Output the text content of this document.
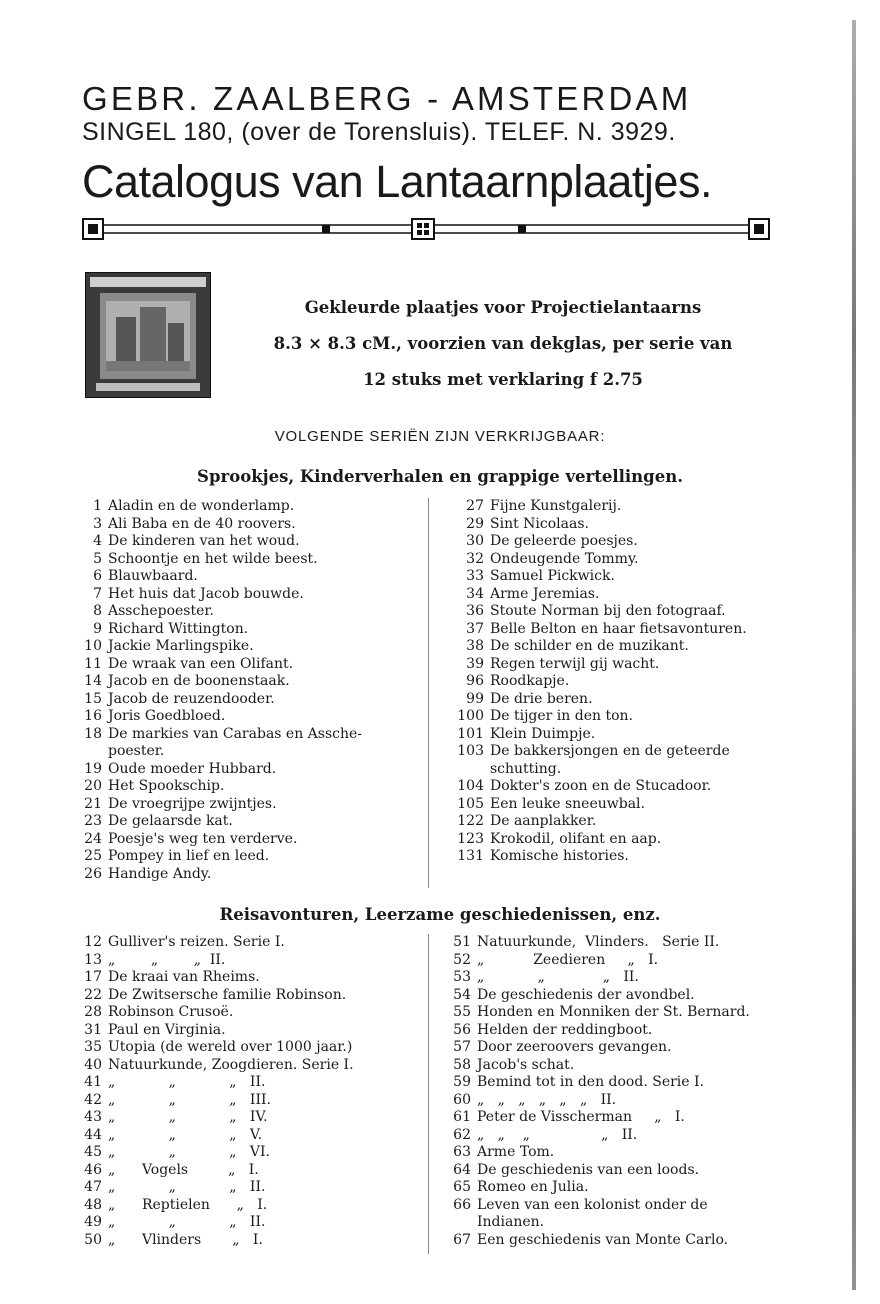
GEBR. ZAALBERG - AMSTERDAM
SINGEL 180, (over de Torensluis). TELEF. N. 3929.
Catalogus van Lantaarnplaatjes.
Gekleurde plaatjes voor Projectielantaarns
8.3 × 8.3 cM., voorzien van dekglas, per serie van
12 stuks met verklaring f 2.75
VOLGENDE SERIËN ZIJN VERKRIJGBAAR:
Sprookjes, Kinderverhalen en grappige vertellingen.
1 Aladin en de wonderlamp.
3 Ali Baba en de 40 roovers.
4 De kinderen van het woud.
5 Schoontje en het wilde beest.
6 Blauwbaard.
7 Het huis dat Jacob bouwde.
8 Asschepoester.
9 Richard Wittington.
10 Jackie Marlingspike.
11 De wraak van een Olifant.
14 Jacob en de boonenstaak.
15 Jacob de reuzendooder.
16 Joris Goedbloed.
18 De markies van Carabas en Assche-
poester.
19 Oude moeder Hubbard.
20 Het Spookschip.
21 De vroegrijpe zwijntjes.
23 De gelaarsde kat.
24 Poesje's weg ten verderve.
25 Pompey in lief en leed.
26 Handige Andy.
27 Fijne Kunstgalerij.
29 Sint Nicolaas.
30 De geleerde poesjes.
32 Ondeugende Tommy.
33 Samuel Pickwick.
34 Arme Jeremias.
36 Stoute Norman bij den fotograaf.
37 Belle Belton en haar fietsavonturen.
38 De schilder en de muzikant.
39 Regen terwijl gij wacht.
96 Roodkapje.
99 De drie beren.
100 De tijger in den ton.
101 Klein Duimpje.
103 De bakkersjongen en de geteerde
schutting.
104 Dokter's zoon en de Stucadoor.
105 Een leuke sneeuwbal.
122 De aanplakker.
123 Krokodil, olifant en aap.
131 Komische histories.
Reisavonturen, Leerzame geschiedenissen, enz.
12 Gulliver's reizen. Serie I.
13 „        „        „  II.
17 De kraai van Rheims.
22 De Zwitsersche familie Robinson.
28 Robinson Crusoë.
31 Paul en Virginia.
35 Utopia (de wereld over 1000 jaar.)
40 Natuurkunde, Zoogdieren. Serie I.
41 „            „            „   II.
42 „            „            „   III.
43 „            „            „   IV.
44 „            „            „   V.
45 „            „            „   VI.
46 „      Vogels         „   I.
47 „            „            „   II.
48 „      Reptielen      „   I.
49 „            „            „   II.
50 „      Vlinders       „   I.
51 Natuurkunde,  Vlinders.   Serie II.
52 „           Zeedieren     „   I.
53 „            „             „   II.
54 De geschiedenis der avondbel.
55 Honden en Monniken der St. Bernard.
56 Helden der reddingboot.
57 Door zeeroovers gevangen.
58 Jacob's schat.
59 Bemind tot in den dood. Serie I.
60 „   „   „   „   „   „   II.
61 Peter de Visscherman     „   I.
62 „   „    „                „   II.
63 Arme Tom.
64 De geschiedenis van een loods.
65 Romeo en Julia.
66 Leven van een kolonist onder de
Indianen.
67 Een geschiedenis van Monte Carlo.
